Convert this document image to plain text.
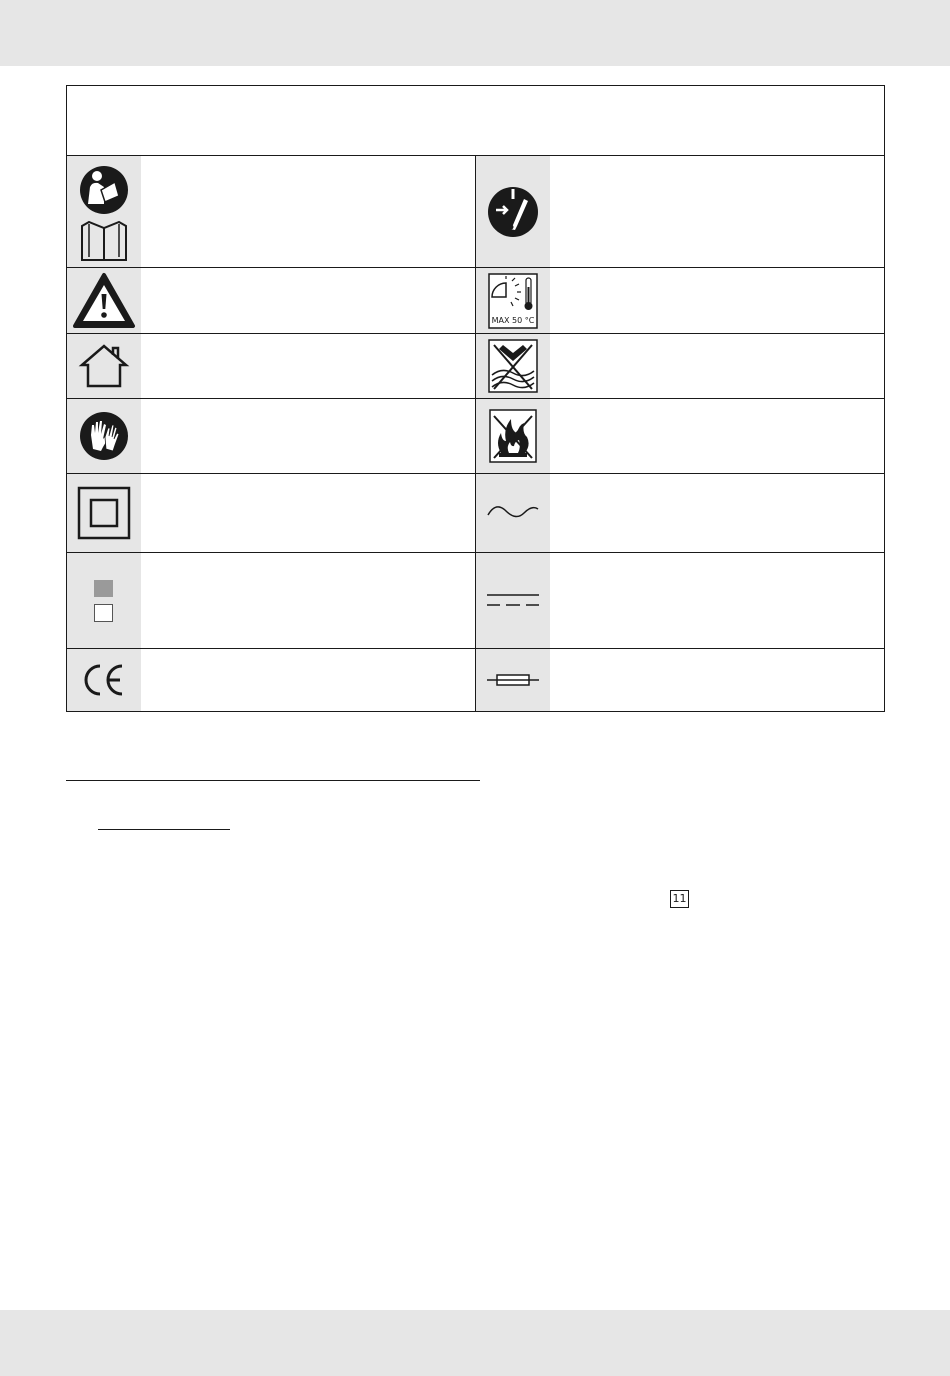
MAX 50 °C
11
